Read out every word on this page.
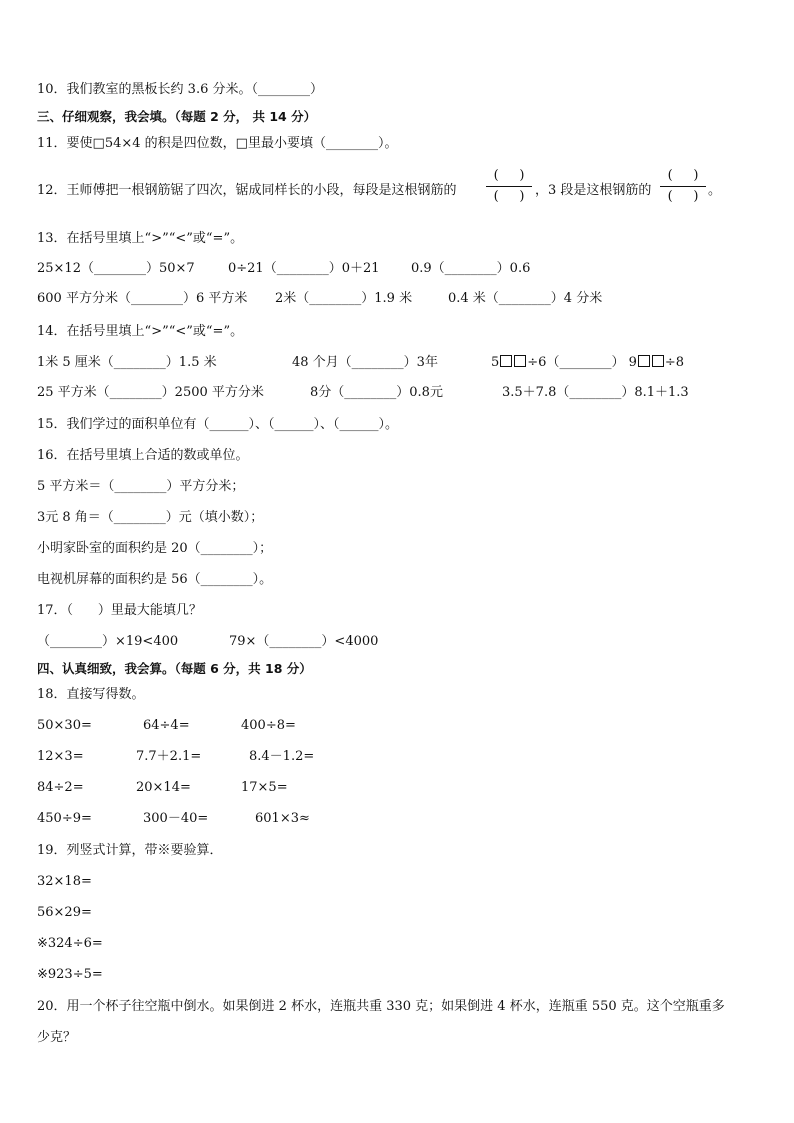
10．我们教室的黑板长约 3.6 分米。（________）
三、仔细观察，我会填。（每题 2 分， 共 14 分）
11．要使□54×4 的积是四位数，□里最小要填（________）。
12．王师傅把一根钢筋锯了四次，锯成同样长的小段，每段是这根钢筋的
(     )
(     ) ，3 段是这根钢筋的
(     )
(     ) 。
13．在括号里填上“>”“<”或“=”。
25×12（________）50×7	0÷21（________）0＋21 0.9（________）0.6
600 平方分米（________）6 平方米 2米（________）1.9 米	0.4 米（________）4 分米
14．在括号里填上“>”“<”或“=”。
1米 5 厘米（________）1.5 米	48 个月（________）3年	5 ÷6（________） 9 ÷8
25 平方米（________）2500 平方分米	8分（________）0.8元	3.5＋7.8（________）8.1＋1.3
15．我们学过的面积单位有（______）、（______）、（______）。
16．在括号里填上合适的数或单位。
5 平方米＝（________）平方分米；
3元 8 角＝（________）元（填小数）；
小明家卧室的面积约是 20（________）；
电视机屏幕的面积约是 56（________）。
17．（      ）里最大能填几？
（________）×19<400	79×（________）<4000
四、认真细致，我会算。（每题 6 分，共 18 分）
18．直接写得数。
50×30=	64÷4=	400÷8=
12×3=	7.7＋2.1=	8.4－1.2=
84÷2=	20×14=	17×5=
450÷9=	300－40=	601×3≈
19．列竖式计算，带※要验算．
32×18=
56×29=
※324÷6=
※923÷5=
20．用一个杯子往空瓶中倒水。如果倒进 2 杯水，连瓶共重 330 克；如果倒进 4 杯水，连瓶重 550 克。这个空瓶重多
少克？
